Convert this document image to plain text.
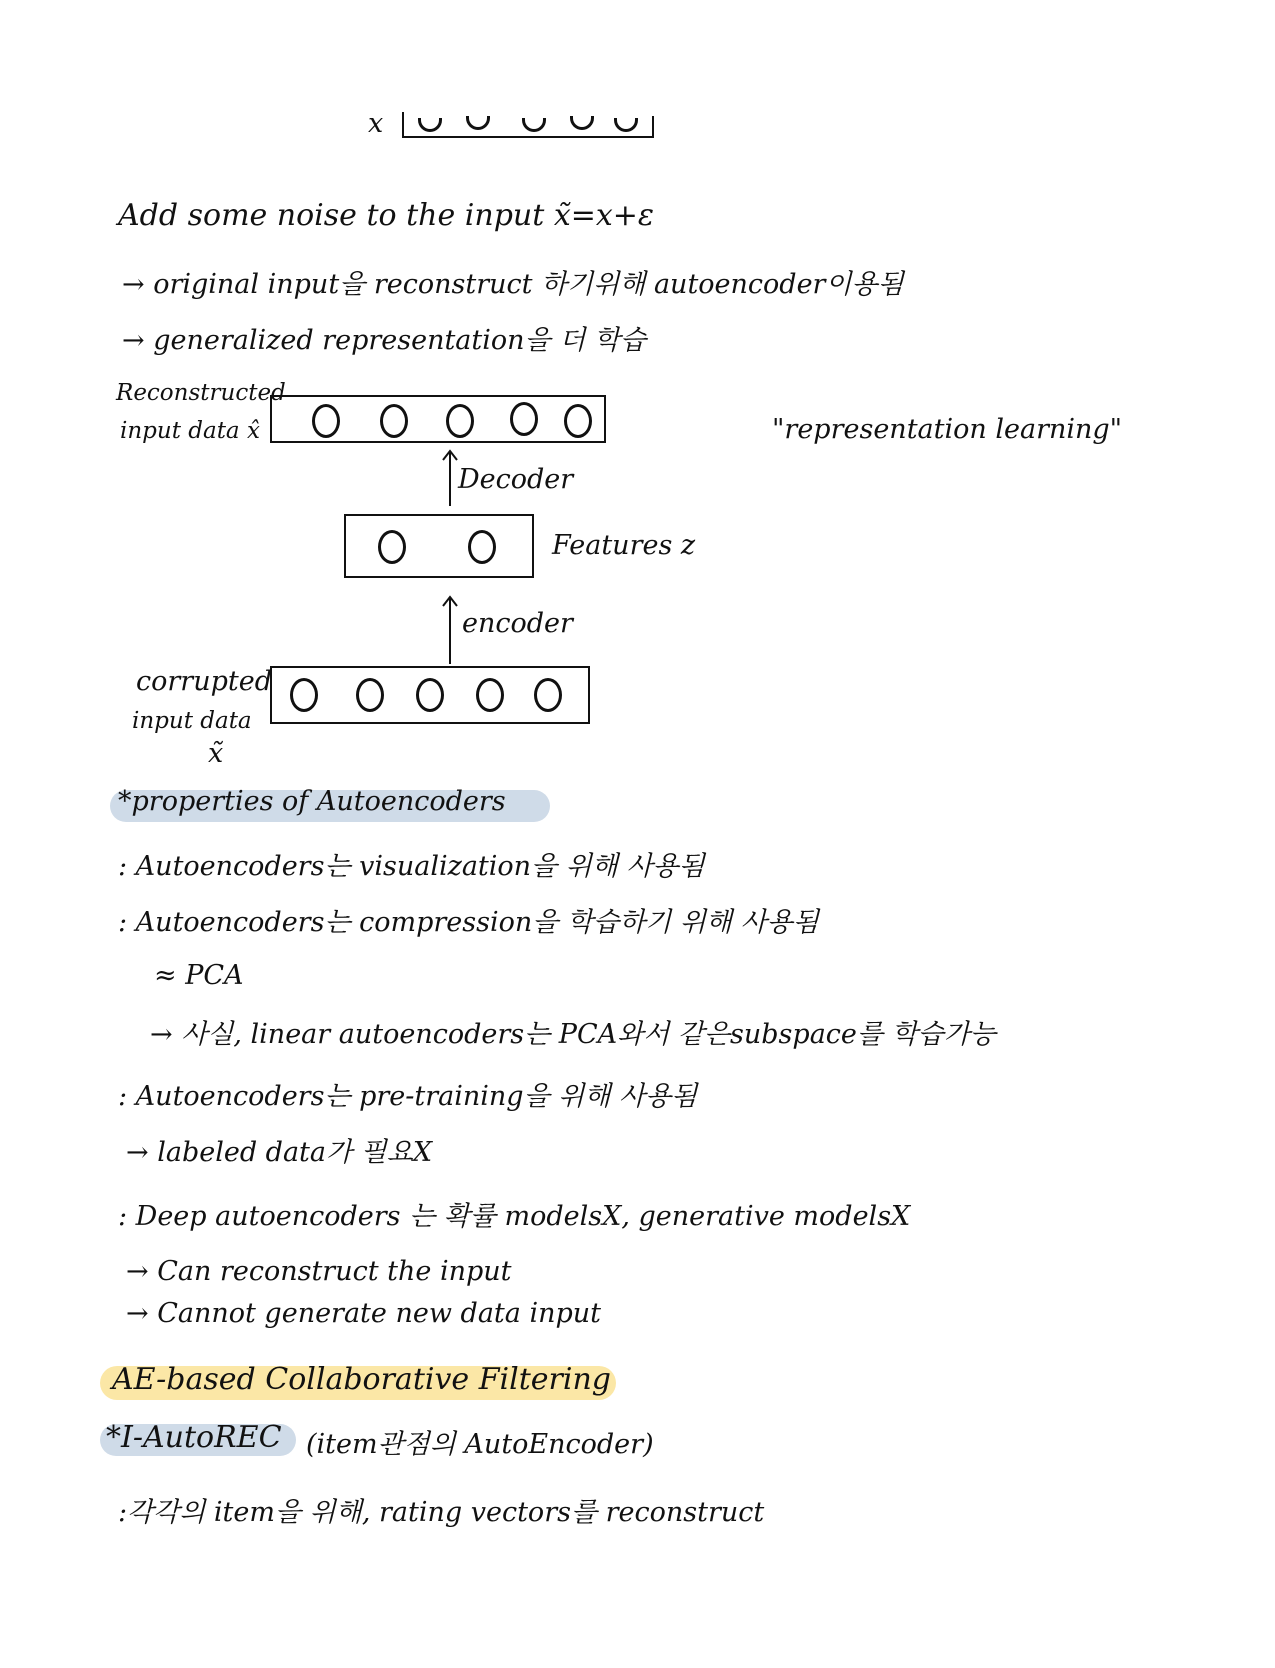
x
Add some noise to the input x̃=x+ε
→ original input을 reconstruct 하기위해 autoencoder이용됨
→ generalized representation을 더 학습
Reconstructed
input data x̂	"representation learning"
Decoder
Features z
encoder
corrupted
input data
x̃
*properties of Autoencoders
: Autoencoders는 visualization을 위해 사용됨
: Autoencoders는 compression을 학습하기 위해 사용됨
≈ PCA
→ 사실, linear autoencoders는 PCA와서 같은subspace를 학습가능
: Autoencoders는 pre-training을 위해 사용됨
→ labeled data가 필요X
: Deep autoencoders 는 확률 modelsX, generative modelsX
→ Can reconstruct the input
→ Cannot generate new data input
AE-based Collaborative Filtering
*I-AutoREC (item관점의 AutoEncoder)
:각각의 item을 위해, rating vectors를 reconstruct
